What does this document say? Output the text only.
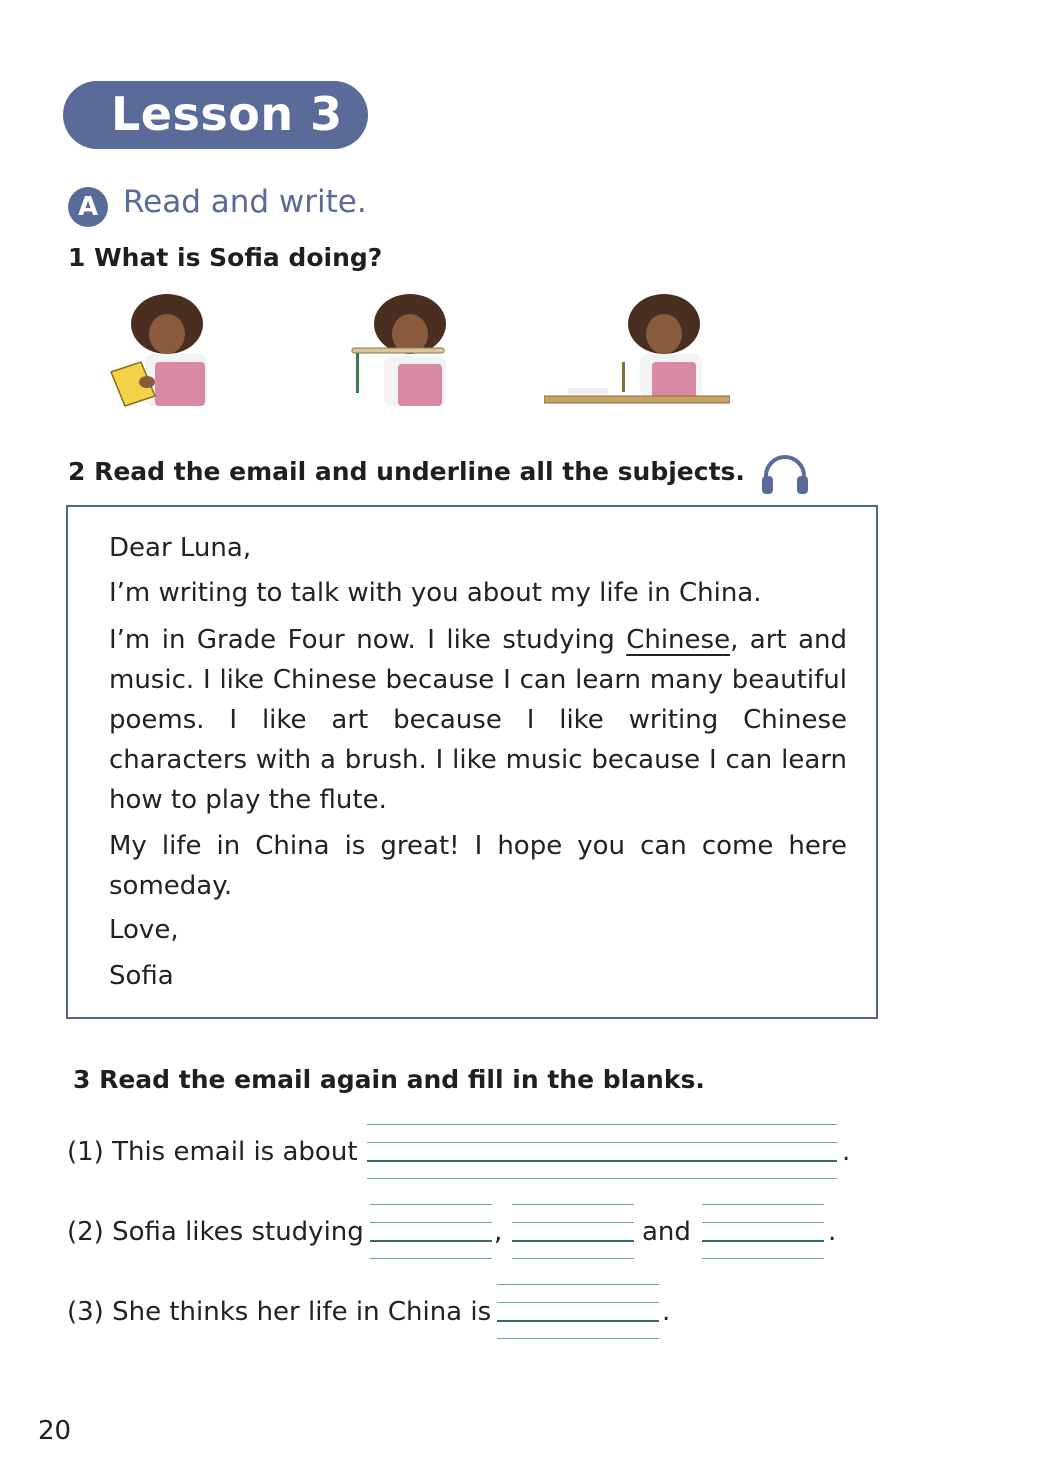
Lesson 3
A Read and write.
1 What is Sofia doing?
2 Read the email and underline all the subjects.
Dear Luna,
I’m writing to talk with you about my life in China.
I’m in Grade Four now. I like studying Chinese, art and music. I like Chinese because I can learn many beautiful poems. I like art because I like writing Chinese characters with a brush. I like music because I can learn how to play the flute.
My life in China is great! I hope you can come here someday.
Love,
Sofia
3 Read the email again and fill in the blanks.
(1) This email is about	.
(2) Sofia likes studying	,	and	.
(3) She thinks her life in China is	.
20
